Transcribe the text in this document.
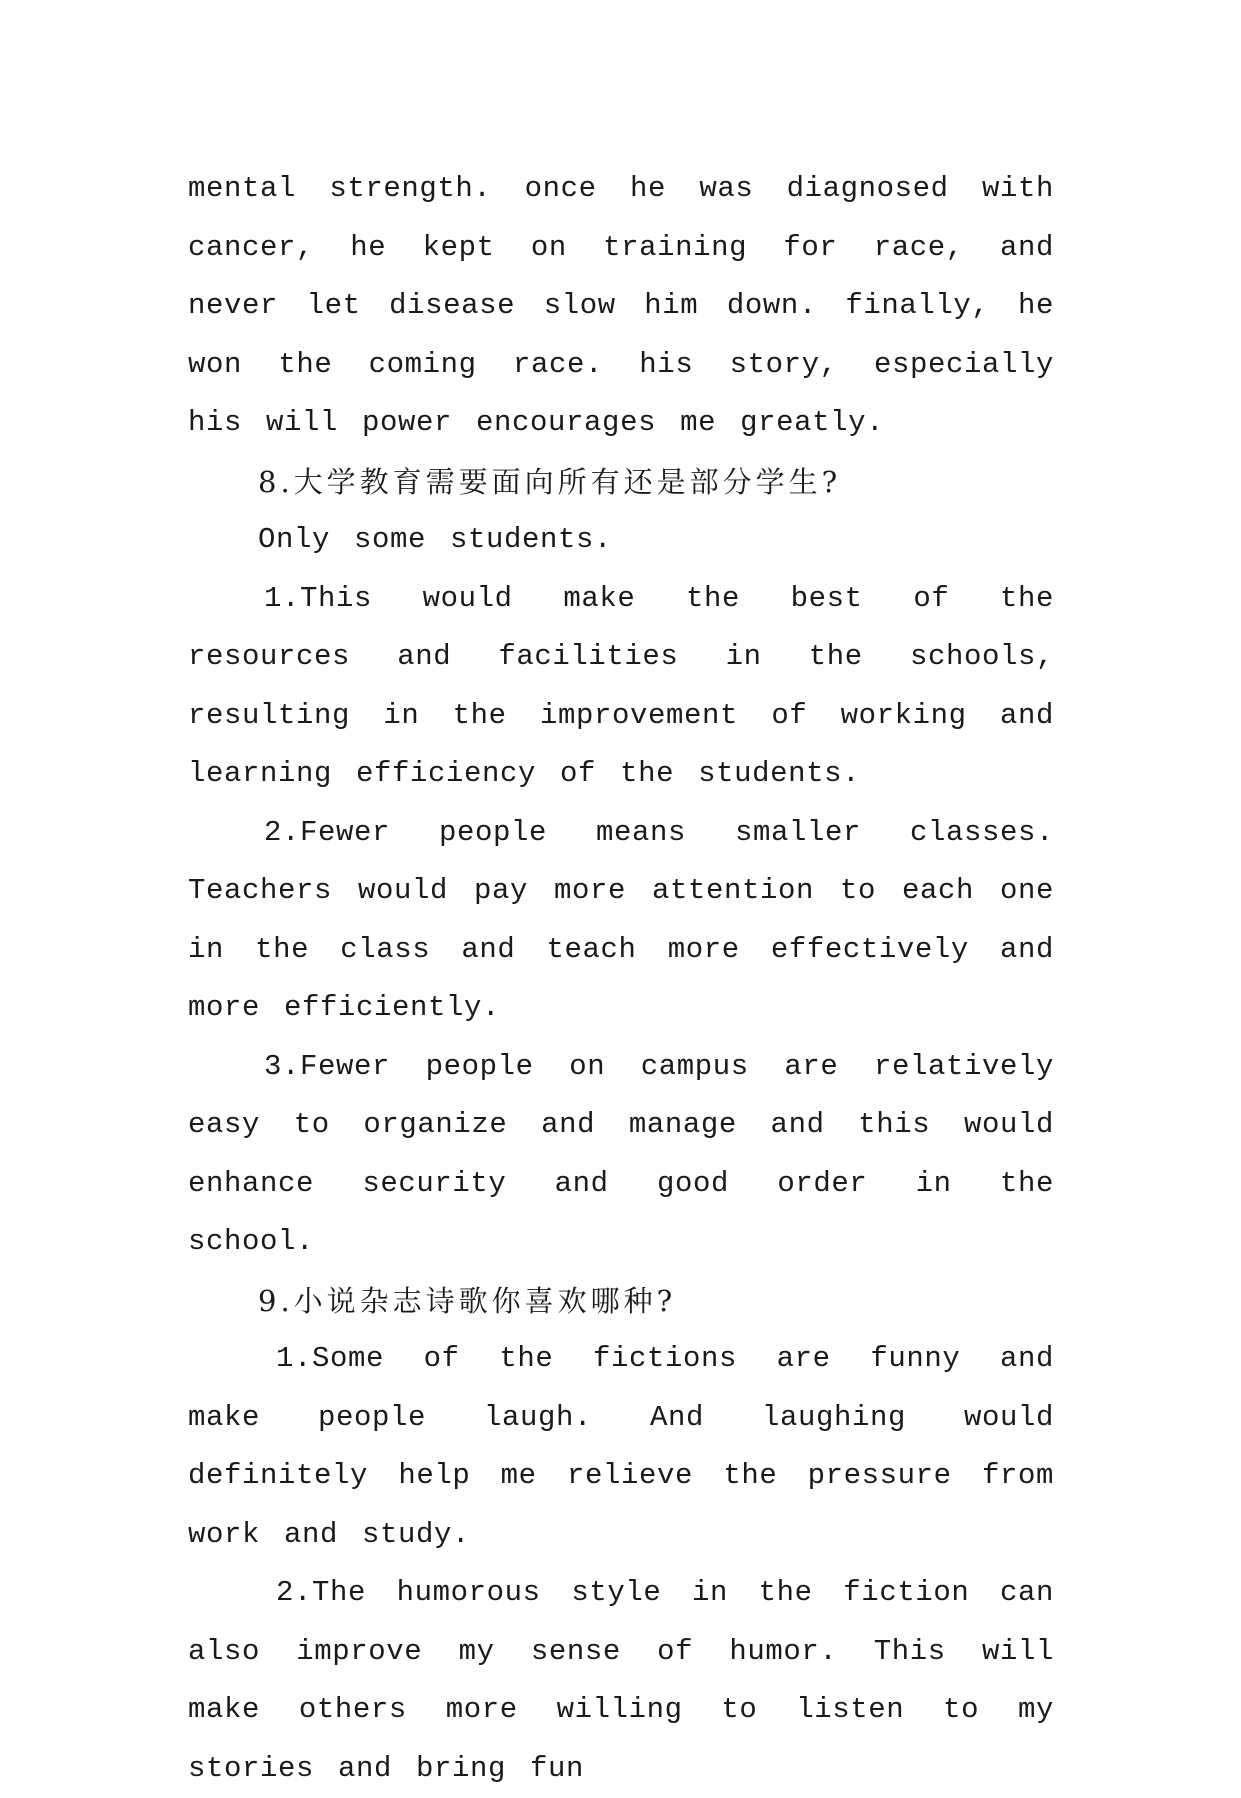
mental strength. once he was diagnosed with cancer, he kept on training for race, and never let disease slow him down. finally, he won the coming race. his story, especially his will power encourages me greatly.

8.大学教育需要面向所有还是部分学生?

Only some students.

1.This would make the best of the resources and facilities in the schools, resulting in the improvement of working and learning efficiency of the students.

2.Fewer people means smaller classes. Teachers would pay more attention to each one in the class and teach more effectively and more efficiently.

3.Fewer people on campus are relatively easy to organize and manage and this would enhance security and good order in the school.

9.小说杂志诗歌你喜欢哪种?

1.Some of the fictions are funny and make people laugh. And laughing would definitely help me relieve the pressure from work and study.

2.The humorous style in the fiction can also improve my sense of humor. This will make others more willing to listen to my stories and bring fun
